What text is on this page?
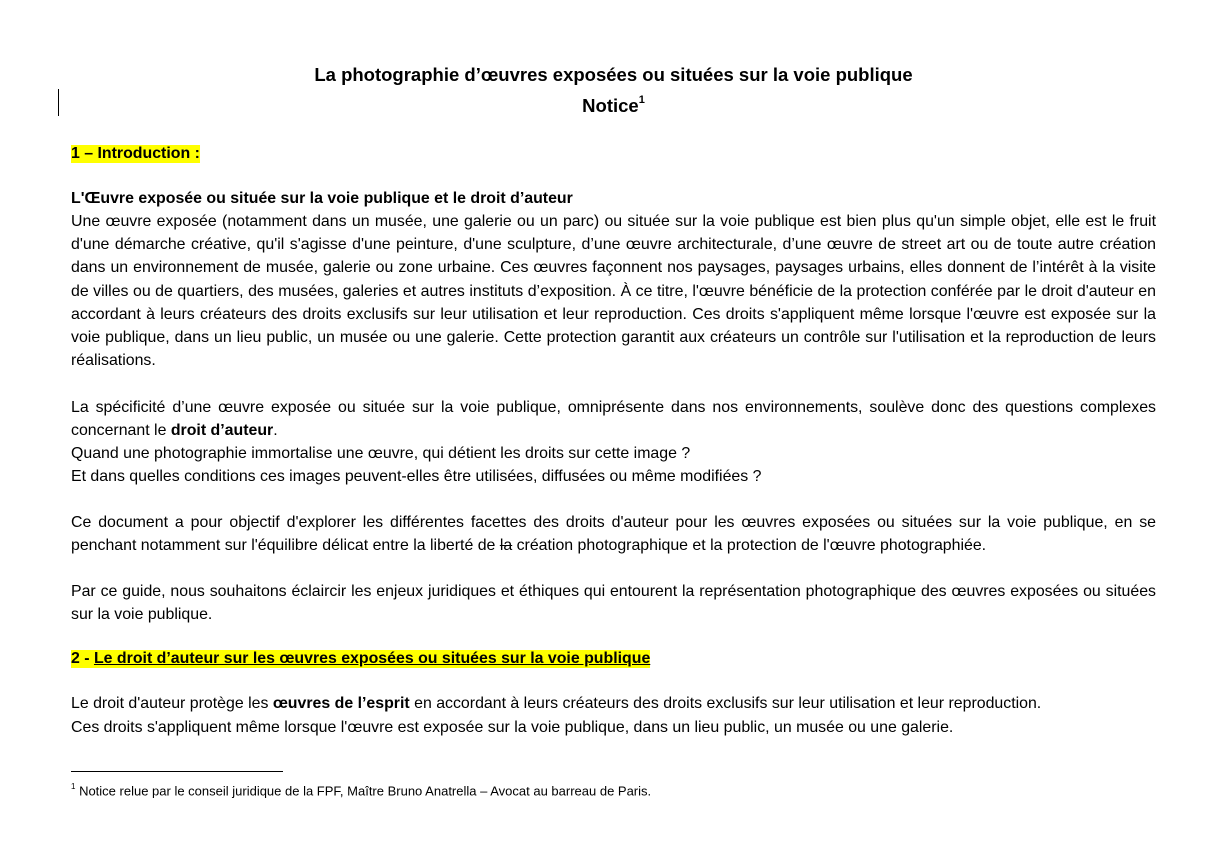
La photographie d’œuvres exposées ou situées sur la voie publique
Notice$^1$
1 – Introduction :
L'Œuvre exposée ou située sur la voie publique et le droit d’auteur

Une œuvre exposée (notamment dans un musée, une galerie ou un parc) ou située sur la voie publique est bien plus qu'un simple objet, elle est le fruit d'une démarche créative, qu'il s'agisse d'une peinture, d'une sculpture, d’une œuvre architecturale, d’une œuvre de street art ou de toute autre création dans un environnement de musée, galerie ou zone urbaine. Ces œuvres façonnent nos paysages, paysages urbains, elles donnent de l’intérêt à la visite de villes ou de quartiers, des musées, galeries et autres instituts d’exposition. À ce titre, l'œuvre bénéficie de la protection conférée par le droit d'auteur en accordant à leurs créateurs des droits exclusifs sur leur utilisation et leur reproduction. Ces droits s'appliquent même lorsque l'œuvre est exposée sur la voie publique, dans un lieu public, un musée ou une galerie. Cette protection garantit aux créateurs un contrôle sur l'utilisation et la reproduction de leurs réalisations.

La spécificité d’une œuvre exposée ou située sur la voie publique, omniprésente dans nos environnements, soulève donc des questions complexes concernant le droit d’auteur.
Quand une photographie immortalise une œuvre, qui détient les droits sur cette image ?
Et dans quelles conditions ces images peuvent-elles être utilisées, diffusées ou même modifiées ?
Ce document a pour objectif d'explorer les différentes facettes des droits d'auteur pour les œuvres exposées ou situées sur la voie publique, en se penchant notamment sur l'équilibre délicat entre la liberté de la création photographique et la protection de l'œuvre photographiée.

Par ce guide, nous souhaitons éclaircir les enjeux juridiques et éthiques qui entourent la représentation photographique des œuvres exposées ou situées sur la voie publique.

2 - Le droit d’auteur sur les œuvres exposées ou situées sur la voie publique
Le droit d'auteur protège les œuvres de l’esprit en accordant à leurs créateurs des droits exclusifs sur leur utilisation et leur reproduction.
Ces droits s'appliquent même lorsque l'œuvre est exposée sur la voie publique, dans un lieu public, un musée ou une galerie.
$^1$ Notice relue par le conseil juridique de la FPF, Maître Bruno Anatrella – Avocat au barreau de Paris.
